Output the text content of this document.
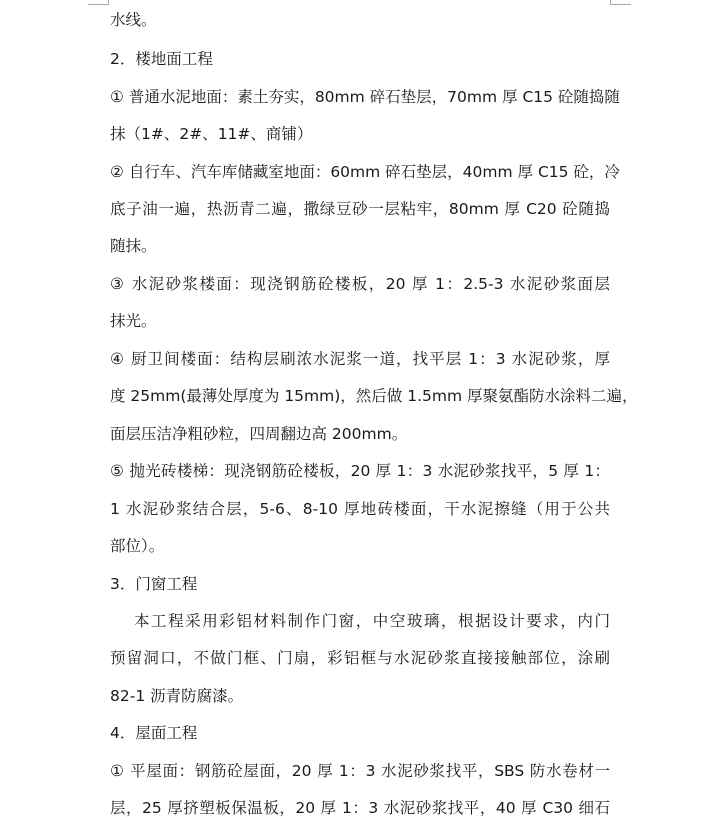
水线。
2．楼地面工程
① 普通水泥地面：素土夯实，80mm 碎石垫层，70mm 厚 C15 砼随捣随
抹（1#、2#、11#、商铺）
② 自行车、汽车库储藏室地面：60mm 碎石垫层，40mm 厚 C15 砼，冷
底子油一遍，热沥青二遍，撒绿豆砂一层粘牢，80mm 厚 C20 砼随捣
随抹。
③ 水泥砂浆楼面：现浇钢筋砼楼板，20 厚 1：2.5-3 水泥砂浆面层
抹光。
④ 厨卫间楼面：结构层刷浓水泥浆一道，找平层 1：3 水泥砂浆，厚
度 25mm(最薄处厚度为 15mm)，然后做 1.5mm 厚聚氨酯防水涂料二遍，
面层压洁净粗砂粒，四周翻边高 200mm。
⑤ 抛光砖楼梯：现浇钢筋砼楼板，20 厚 1：3 水泥砂浆找平，5 厚 1：
1 水泥砂浆结合层，5-6、8-10 厚地砖楼面，干水泥擦缝（用于公共
部位）。
3．门窗工程
本工程采用彩铝材料制作门窗，中空玻璃，根据设计要求，内门
预留洞口，不做门框、门扇，彩铝框与水泥砂浆直接接触部位，涂刷
82-1 沥青防腐漆。
4．屋面工程
① 平屋面：钢筋砼屋面，20 厚 1：3 水泥砂浆找平，SBS 防水卷材一
层，25 厚挤塑板保温板，20 厚 1：3 水泥砂浆找平，40 厚 C30 细石
